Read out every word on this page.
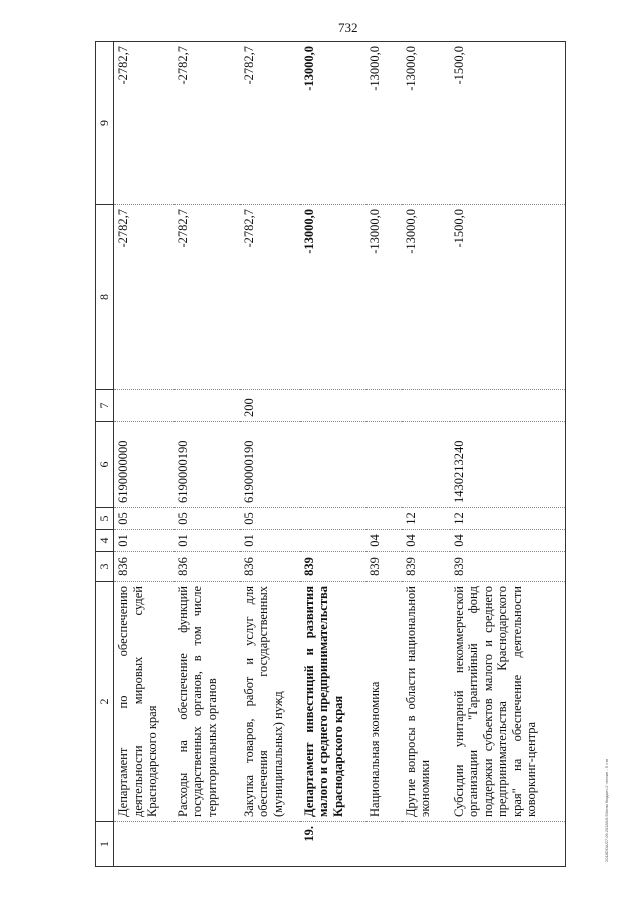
732
2018DOA/27.09.2018/16:50/отм бюджет-2 чтение - 5 чтп
1	2	3	4	5	6	7	8	9
	Департамент по обеспечению деятельности мировых судей Краснодарского края	836	01	05	6190000000		-2782,7	-2782,7
	Расходы на обеспечение функций государственных органов, в том числе территориальных органов	836	01	05	6190000190		-2782,7	-2782,7
	Закупка товаров, работ и услуг для обеспечения государственных (муниципальных) нужд	836	01	05	6190000190	200	-2782,7	-2782,7
19.	Департамент инвестиций и развития малого и среднего предпринимательства Краснодарского края	839					-13000,0	-13000,0
	Национальная экономика	839	04				-13000,0	-13000,0
	Другие вопросы в области национальной экономики	839	04	12			-13000,0	-13000,0
	Субсидии унитарной некоммерческой организации "Гарантийный фонд поддержки субъектов малого и среднего предпринимательства Краснодарского края" на обеспечение деятельности коворкинг-центра	839	04	12	1430213240		-1500,0	-1500,0
